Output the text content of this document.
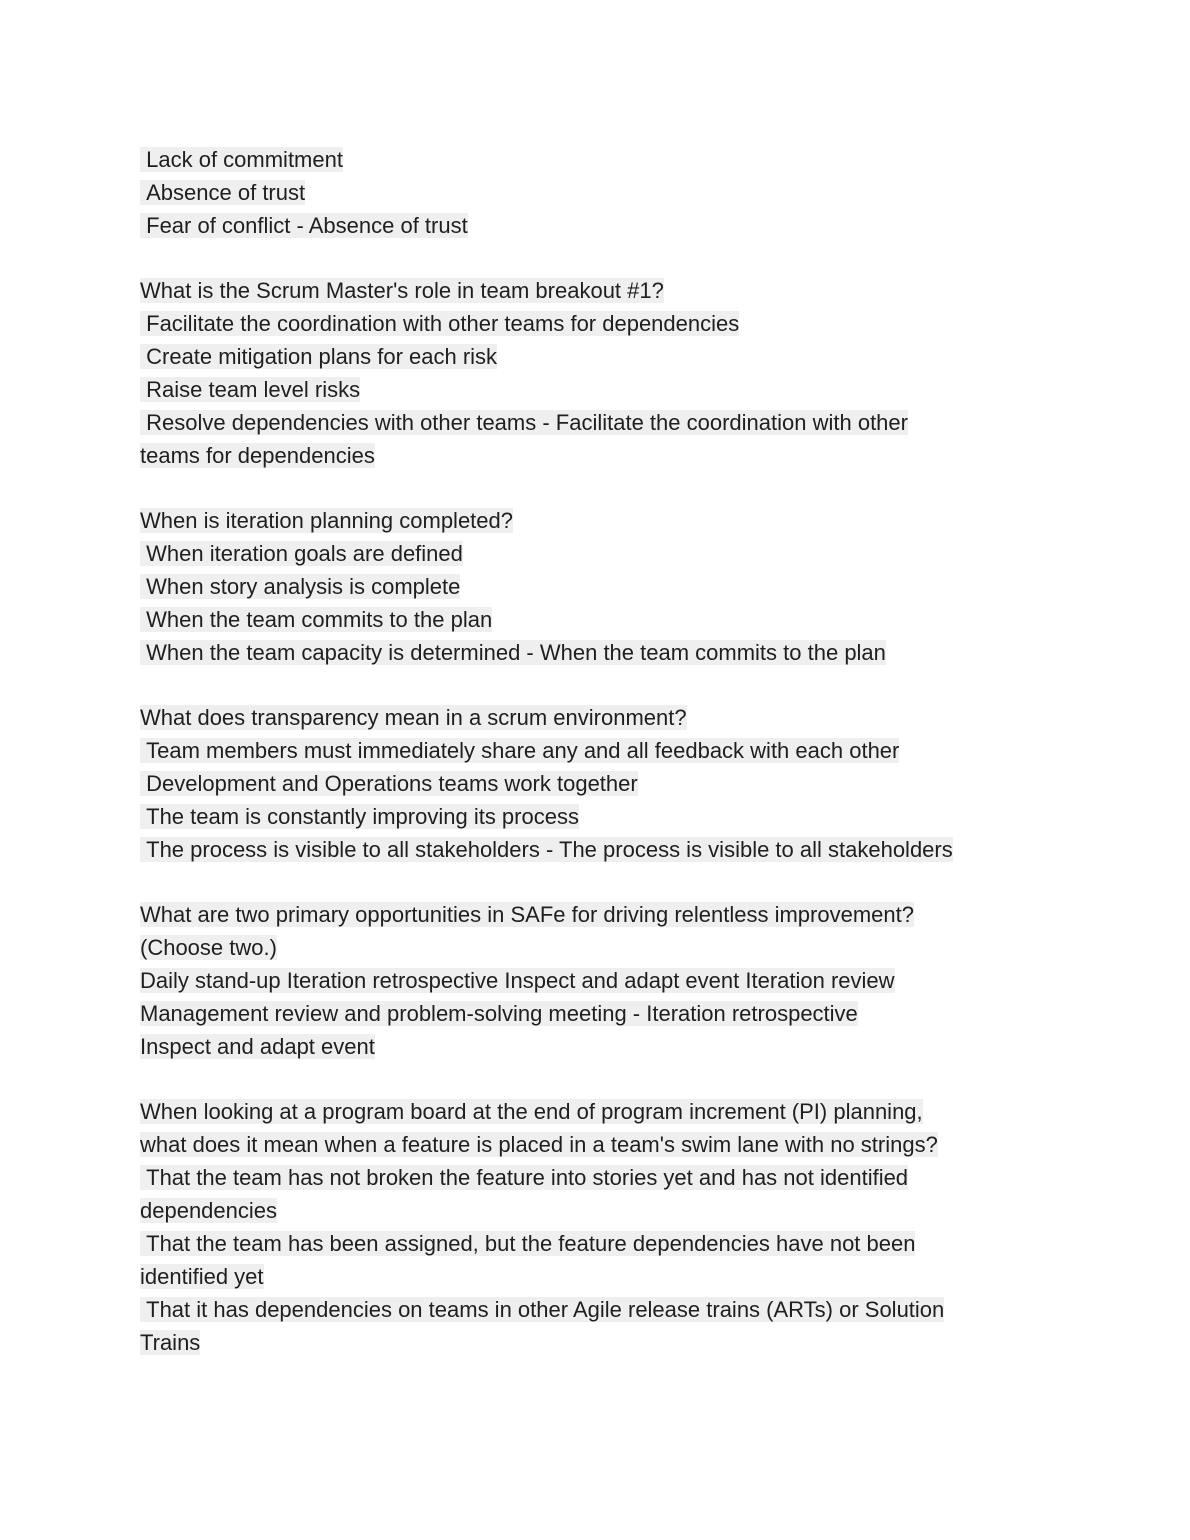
Lack of commitment
Absence of trust
Fear of conflict - Absence of trust
What is the Scrum Master's role in team breakout #1?
Facilitate the coordination with other teams for dependencies
Create mitigation plans for each risk
Raise team level risks
Resolve dependencies with other teams - Facilitate the coordination with other
teams for dependencies
When is iteration planning completed?
When iteration goals are defined
When story analysis is complete
When the team commits to the plan
When the team capacity is determined - When the team commits to the plan
What does transparency mean in a scrum environment?
Team members must immediately share any and all feedback with each other
Development and Operations teams work together
The team is constantly improving its process
The process is visible to all stakeholders - The process is visible to all stakeholders
What are two primary opportunities in SAFe for driving relentless improvement?
(Choose two.)
Daily stand-up Iteration retrospective Inspect and adapt event Iteration review
Management review and problem-solving meeting - Iteration retrospective
Inspect and adapt event
When looking at a program board at the end of program increment (PI) planning,
what does it mean when a feature is placed in a team's swim lane with no strings?
That the team has not broken the feature into stories yet and has not identified
dependencies
That the team has been assigned, but the feature dependencies have not been
identified yet
That it has dependencies on teams in other Agile release trains (ARTs) or Solution
Trains
